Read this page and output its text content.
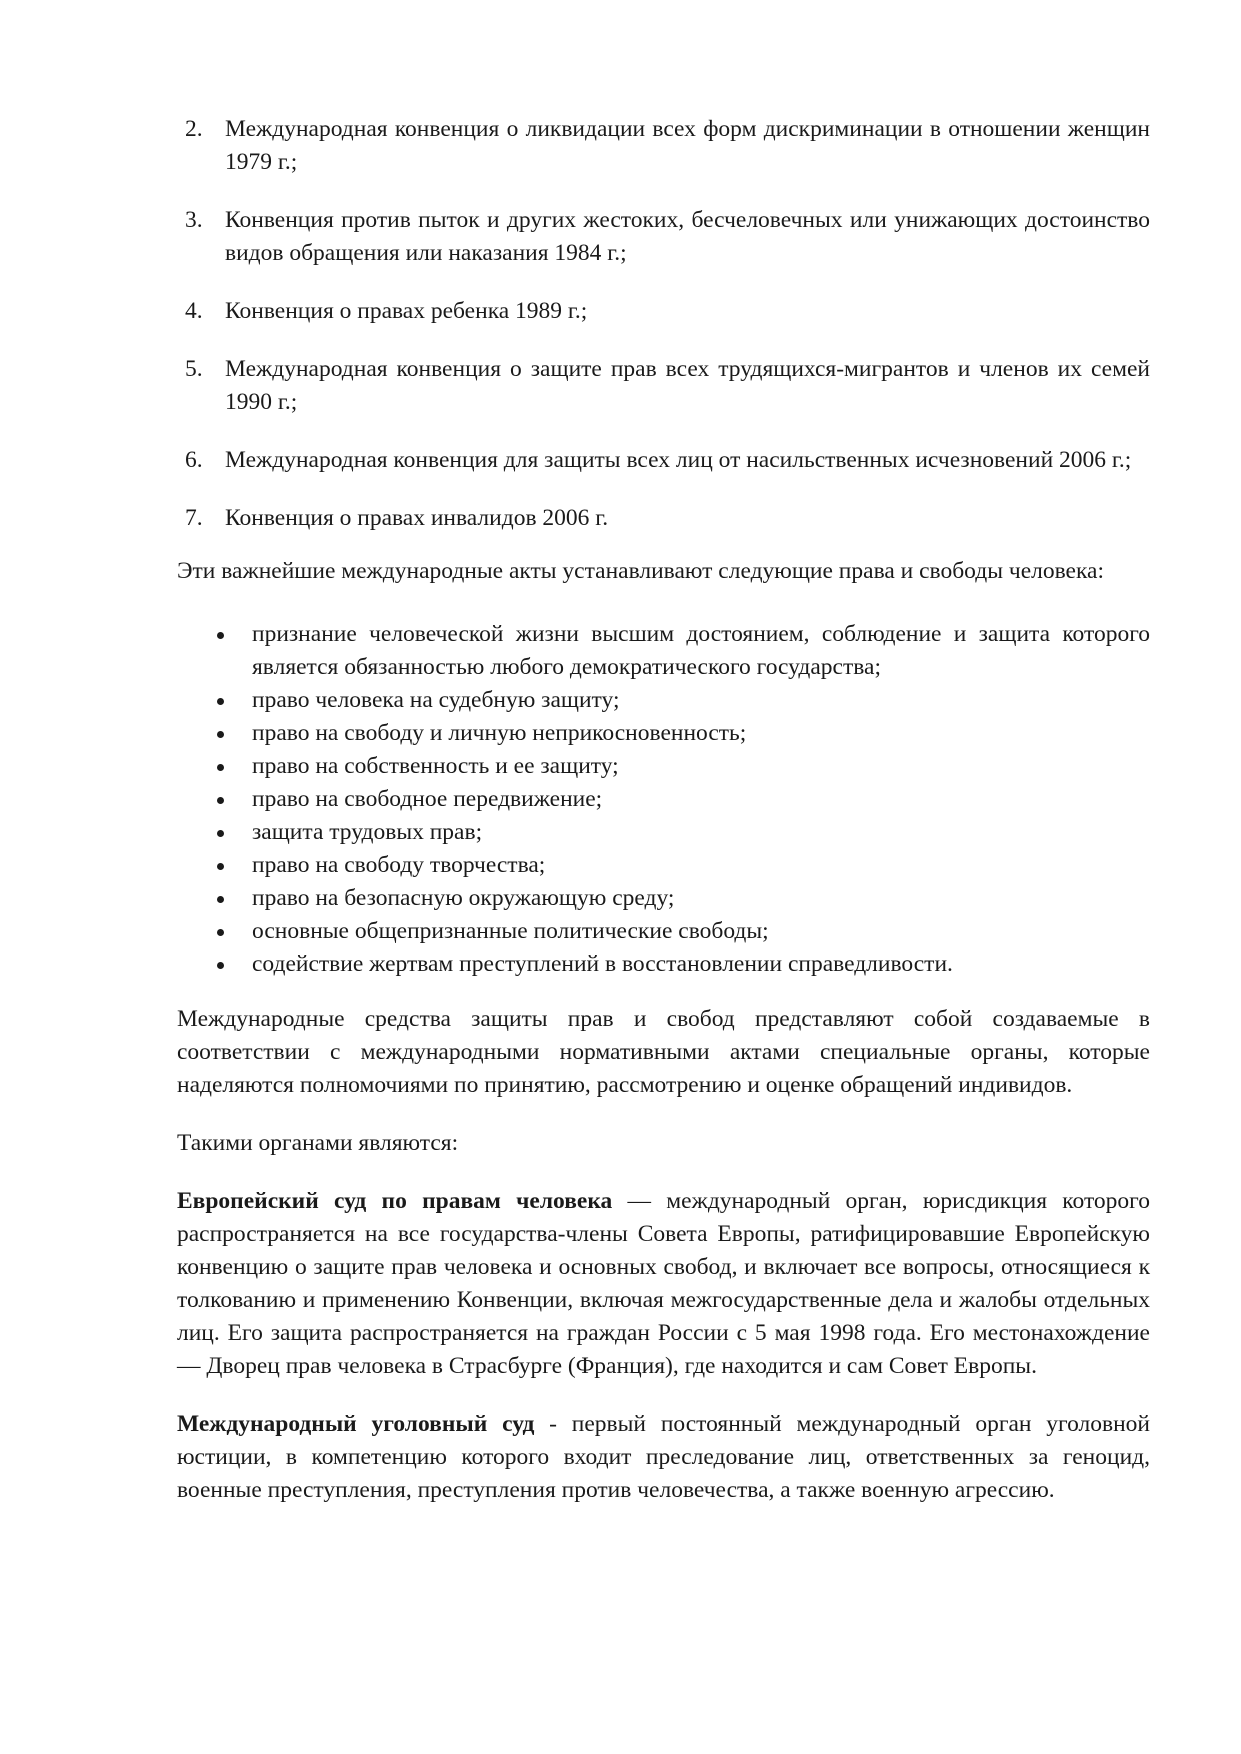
2. Международная конвенция о ликвидации всех форм дискриминации в отношении женщин 1979 г.;
3. Конвенция против пыток и других жестоких, бесчеловечных или унижающих достоинство видов обращения или наказания 1984 г.;
4. Конвенция о правах ребенка 1989 г.;
5. Международная конвенция о защите прав всех трудящихся-мигрантов и членов их семей 1990 г.;
6. Международная конвенция для защиты всех лиц от насильственных исчезновений 2006 г.;
7. Конвенция о правах инвалидов 2006 г.

Эти важнейшие международные акты устанавливают следующие права и свободы человека:

признание человеческой жизни высшим достоянием, соблюдение и защита которого является обязанностью любого демократического государства;
право человека на судебную защиту;
право на свободу и личную неприкосновенность;
право на собственность и ее защиту;
право на свободное передвижение;
защита трудовых прав;
право на свободу творчества;
право на безопасную окружающую среду;
основные общепризнанные политические свободы;
содействие жертвам преступлений в восстановлении справедливости.

Международные средства защиты прав и свобод представляют собой создаваемые в соответствии с международными нормативными актами специальные органы, которые наделяются полномочиями по принятию, рассмотрению и оценке обращений индивидов.

Такими органами являются:

Европейский суд по правам человека — международный орган, юрисдикция которого распространяется на все государства-члены Совета Европы, ратифицировавшие Европейскую конвенцию о защите прав человека и основных свобод, и включает все вопросы, относящиеся к толкованию и применению Конвенции, включая межгосударственные дела и жалобы отдельных лиц. Его защита распространяется на граждан России с 5 мая 1998 года. Его местонахождение — Дворец прав человека в Страсбурге (Франция), где находится и сам Совет Европы.

Международный уголовный суд - первый постоянный международный орган уголовной юстиции, в компетенцию которого входит преследование лиц, ответственных за геноцид, военные преступления, преступления против человечества, а также военную агрессию.
